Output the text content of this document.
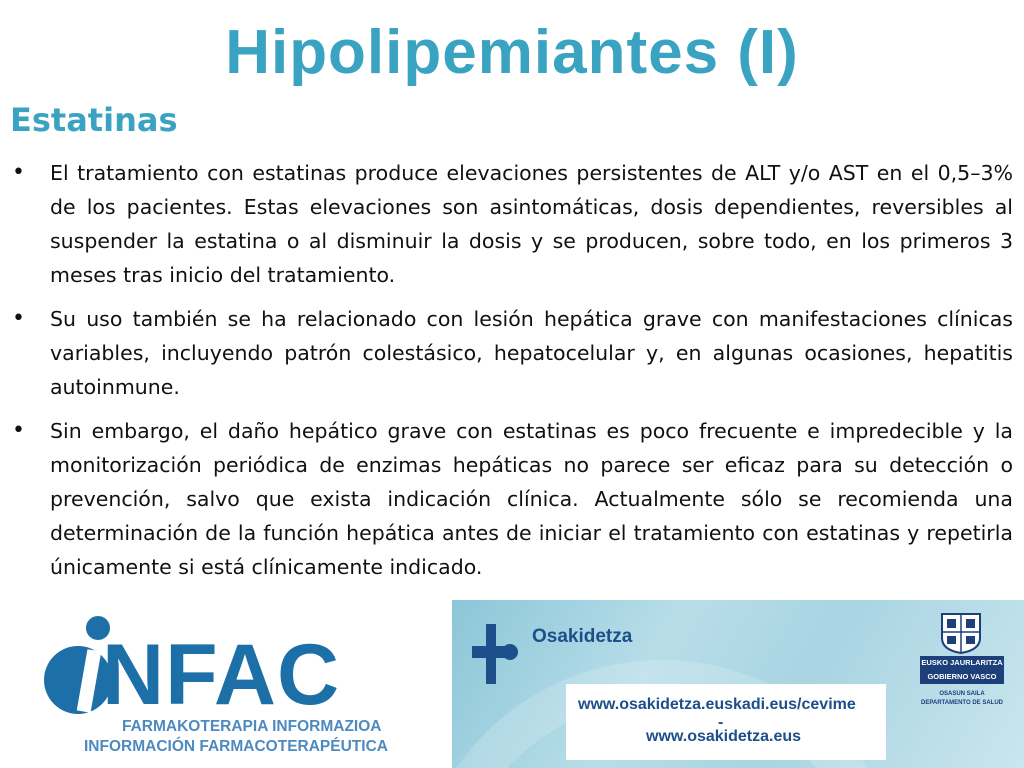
Hipolipemiantes (I)
Estatinas
• El tratamiento con estatinas produce elevaciones persistentes de ALT y/o AST en el 0,5–3% de los pacientes. Estas elevaciones son asintomáticas, dosis dependientes, reversibles al suspender la estatina o al disminuir la dosis y se producen, sobre todo, en los primeros 3 meses tras inicio del tratamiento.
• Su uso también se ha relacionado con lesión hepática grave con manifestaciones clínicas variables, incluyendo patrón colestásico, hepatocelular y, en algunas ocasiones, hepatitis autoinmune.
• Sin embargo, el daño hepático grave con estatinas es poco frecuente e impredecible y la monitorización periódica de enzimas hepáticas no parece ser eficaz para su detección o prevención, salvo que exista indicación clínica. Actualmente sólo se recomienda una determinación de la función hepática antes de iniciar el tratamiento con estatinas y repetirla únicamente si está clínicamente indicado.
NFAC
FARMAKOTERAPIA INFORMAZIOA
INFORMACIÓN FARMACOTERAPÉUTICA
Osakidetza
EUSKO JAURLARITZA
GOBIERNO VASCO
OSASUN SAILA
DEPARTAMENTO DE SALUD
www.osakidetza.euskadi.eus/cevime
-
www.osakidetza.eus
